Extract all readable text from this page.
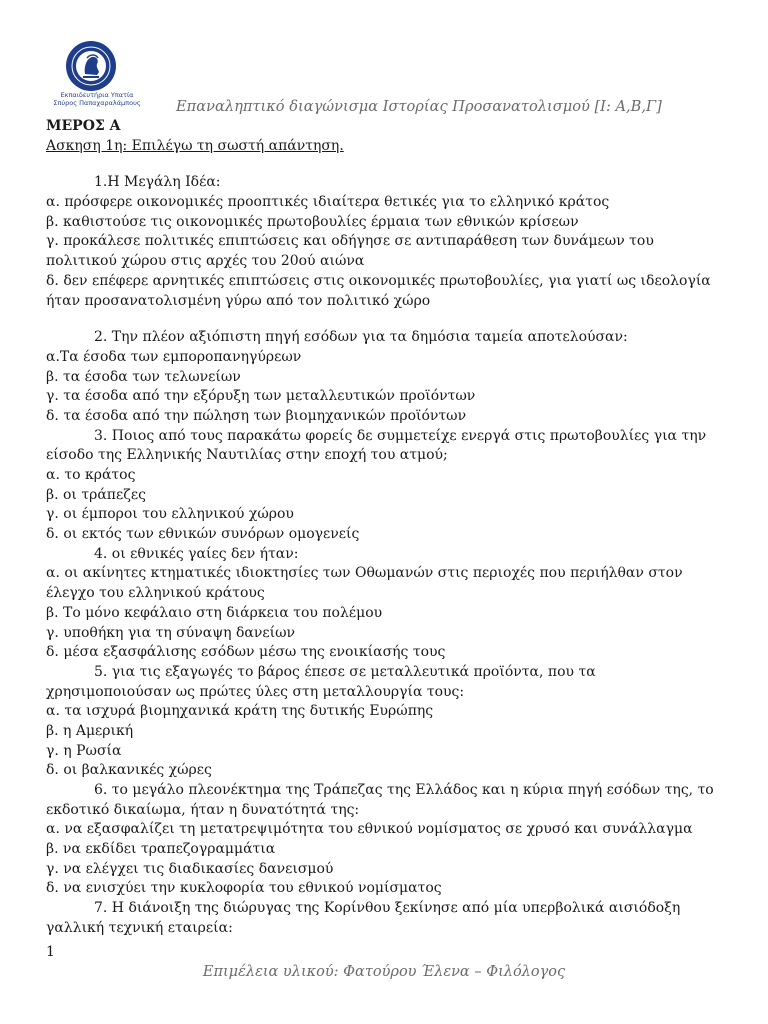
Εκπαιδευτήρια Υπατία
Σπύρος Παπαχαραλάμπους Επαναληπτικό διαγώνισμα Ιστορίας Προσανατολισμού [Ι: Α,Β,Γ]
ΜΕΡΟΣ Α
Ασκηση 1η: Επιλέγω τη σωστή απάντηση.
1.Η Μεγάλη Ιδέα:
α. πρόσφερε οικονομικές προοπτικές ιδιαίτερα θετικές για το ελληνικό κράτος
β. καθιστούσε τις οικονομικές πρωτοβουλίες έρμαια των εθνικών κρίσεων
γ. προκάλεσε πολιτικές επιπτώσεις και οδήγησε σε αντιπαράθεση των δυνάμεων του
πολιτικού χώρου στις αρχές του 20ού αιώνα
δ. δεν επέφερε αρνητικές επιπτώσεις στις οικονομικές πρωτοβουλίες, για γιατί ως ιδεολογία
ήταν προσανατολισμένη γύρω από τον πολιτικό χώρο
2. Την πλέον αξιόπιστη πηγή εσόδων για τα δημόσια ταμεία αποτελούσαν:
α.Τα έσοδα των εμποροπανηγύρεων
β. τα έσοδα των τελωνείων
γ. τα έσοδα από την εξόρυξη των μεταλλευτικών προϊόντων
δ. τα έσοδα από την πώληση των βιομηχανικών προϊόντων
3. Ποιος από τους παρακάτω φορείς δε συμμετείχε ενεργά στις πρωτοβουλίες για την
είσοδο της Ελληνικής Ναυτιλίας στην εποχή του ατμού;
α. το κράτος
β. οι τράπεζες
γ. οι έμποροι του ελληνικού χώρου
δ. οι εκτός των εθνικών συνόρων ομογενείς
4. οι εθνικές γαίες δεν ήταν:
α. οι ακίνητες κτηματικές ιδιοκτησίες των Οθωμανών στις περιοχές που περιήλθαν στον
έλεγχο του ελληνικού κράτους
β. Το μόνο κεφάλαιο στη διάρκεια του πολέμου
γ. υποθήκη για τη σύναψη δανείων
δ. μέσα εξασφάλισης εσόδων μέσω της ενοικίασής τους
5. για τις εξαγωγές το βάρος έπεσε σε μεταλλευτικά προϊόντα, που τα
χρησιμοποιούσαν ως πρώτες ύλες στη μεταλλουργία τους:
α. τα ισχυρά βιομηχανικά κράτη της δυτικής Ευρώπης
β. η Αμερική
γ. η Ρωσία
δ. οι βαλκανικές χώρες
6. το μεγάλο πλεονέκτημα της Τράπεζας της Ελλάδος και η κύρια πηγή εσόδων της, το
εκδοτικό δικαίωμα, ήταν η δυνατότητά της:
α. να εξασφαλίζει τη μετατρεψιμότητα του εθνικού νομίσματος σε χρυσό και συνάλλαγμα
β. να εκδίδει τραπεζογραμμάτια
γ. να ελέγχει τις διαδικασίες δανεισμού
δ. να ενισχύει την κυκλοφορία του εθνικού νομίσματος
7. Η διάνοιξη της διώρυγας της Κορίνθου ξεκίνησε από μία υπερβολικά αισιόδοξη
γαλλική τεχνική εταιρεία:
1
Επιμέλεια υλικού: Φατούρου Έλενα – Φιλόλογος
